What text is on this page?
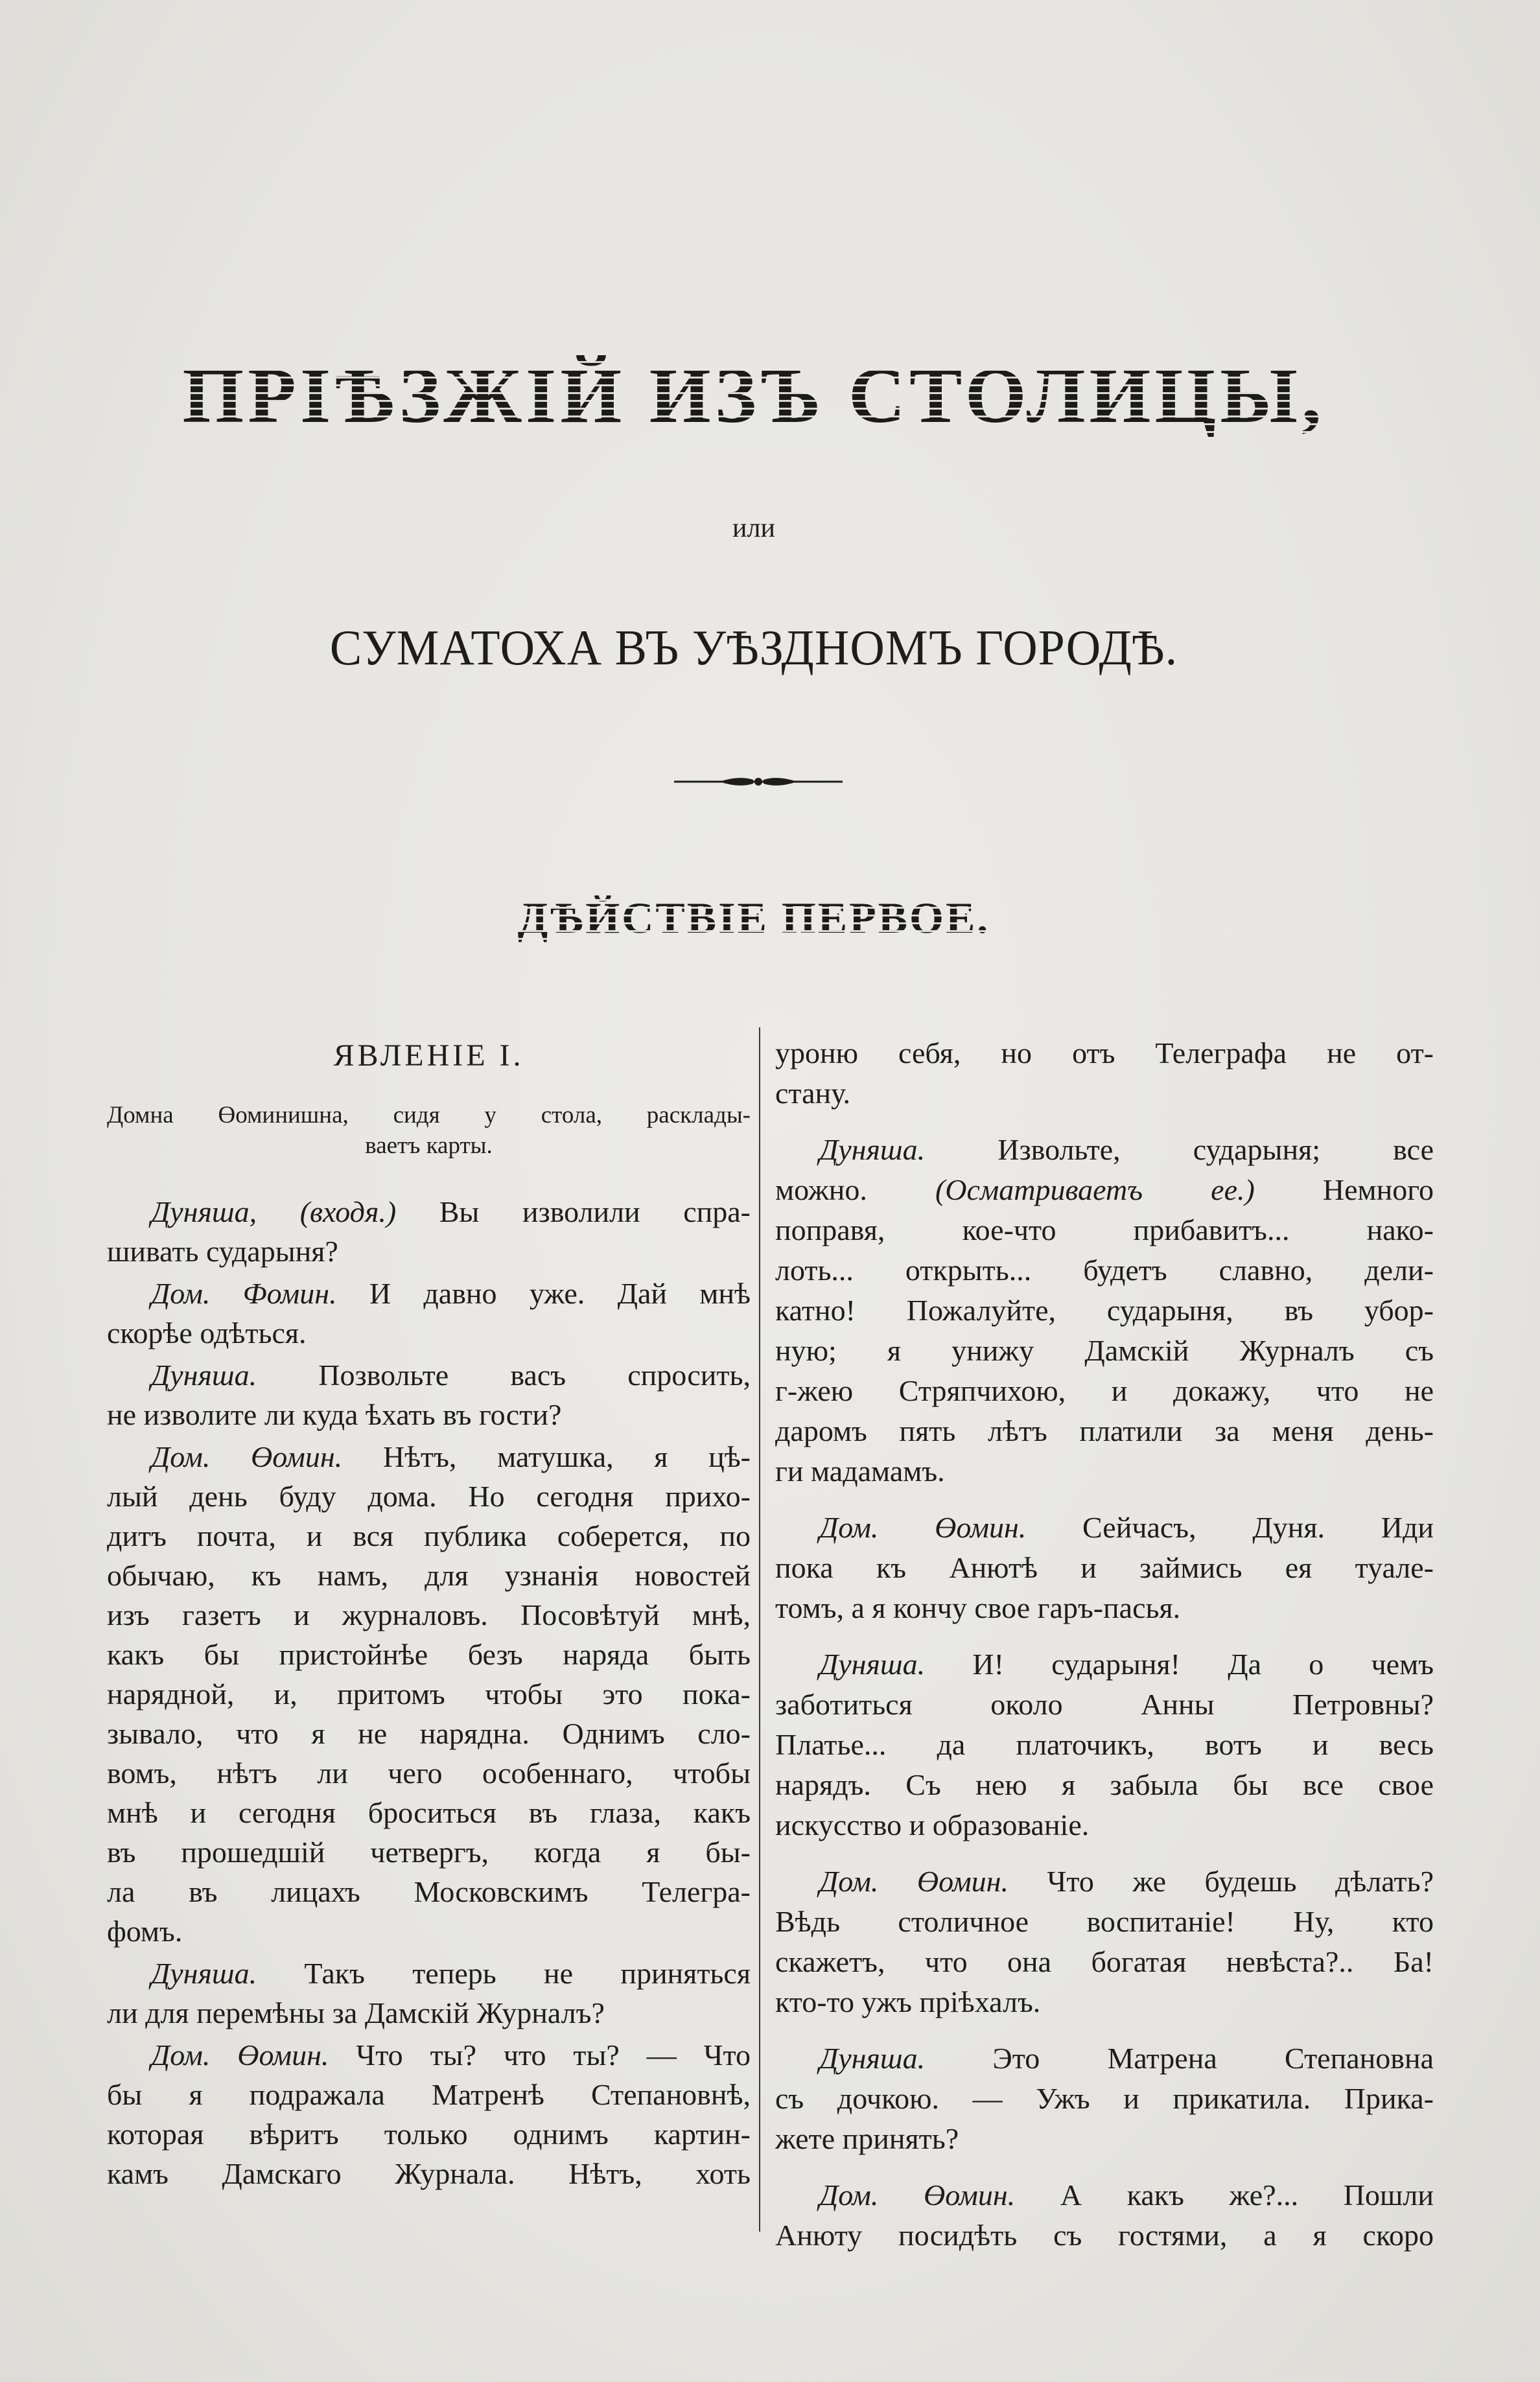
ПРІѢЗЖІЙ ИЗЪ СТОЛИЦЫ,
или
СУМАТОХА ВЪ УѢЗДНОМЪ ГОРОДѢ.
ДѢЙСТВІЕ ПЕРВОЕ.
ЯВЛЕНІЕ I.
Домна Өоминишна, сидя у стола, расклады-
ваетъ карты.
Дуняша, (входя.) Вы изволили спра-
шивать сударыня?
Дом. Фомин. И давно уже. Дай мнѣ
скорѣе одѣться.
Дуняша. Позвольте васъ спросить,
не изволите ли куда ѣхать въ гости?
Дом. Өомин. Нѣтъ, матушка, я цѣ-
лый день буду дома. Но сегодня прихо-
дитъ почта, и вся публика соберется, по
обычаю, къ намъ, для узнанія новостей
изъ газетъ и журналовъ. Посовѣтуй мнѣ,
какъ бы пристойнѣе безъ наряда быть
нарядной, и, притомъ чтобы это пока-
зывало, что я не нарядна. Однимъ сло-
вомъ, нѣтъ ли чего особеннаго, чтобы
мнѣ и сегодня броситься въ глаза, какъ
въ прошедшій четвергъ, когда я бы-
ла въ лицахъ Московскимъ Телегра-
фомъ.
Дуняша. Такъ теперь не приняться
ли для перемѣны за Дамскій Журналъ?
Дом. Өомин. Что ты? что ты? — Что
бы я подражала Матренѣ Степановнѣ,
которая вѣритъ только однимъ картин-
камъ Дамскаго Журнала. Нѣтъ, хоть
уроню себя, но отъ Телеграфа не от-
стану.
Дуняша. Извольте, сударыня; все
можно. (Осматриваетъ ее.) Немного
поправя, кое-что прибавитъ... нако-
лоть... открыть... будетъ славно, дели-
катно! Пожалуйте, сударыня, въ убор-
ную; я унижу Дамскій Журналъ съ
г-жею Стряпчихою, и докажу, что не
даромъ пять лѣтъ платили за меня день-
ги мадамамъ.
Дом. Өомин. Сейчасъ, Дуня. Иди
пока къ Анютѣ и займись ея туале-
томъ, а я кончу свое гаръ-пасья.
Дуняша. И! сударыня! Да о чемъ
заботиться около Анны Петровны?
Платье... да платочикъ, вотъ и весь
нарядъ. Съ нею я забыла бы все свое
искусство и образованіе.
Дом. Өомин. Что же будешь дѣлать?
Вѣдь столичное воспитаніе! Ну, кто
скажетъ, что она богатая невѣста?.. Ба!
кто-то ужъ пріѣхалъ.
Дуняша. Это Матрена Степановна
съ дочкою. — Ужъ и прикатила. Прика-
жете принять?
Дом. Өомин. А какъ же?... Пошли
Анюту посидѣть съ гостями, а я скоро
